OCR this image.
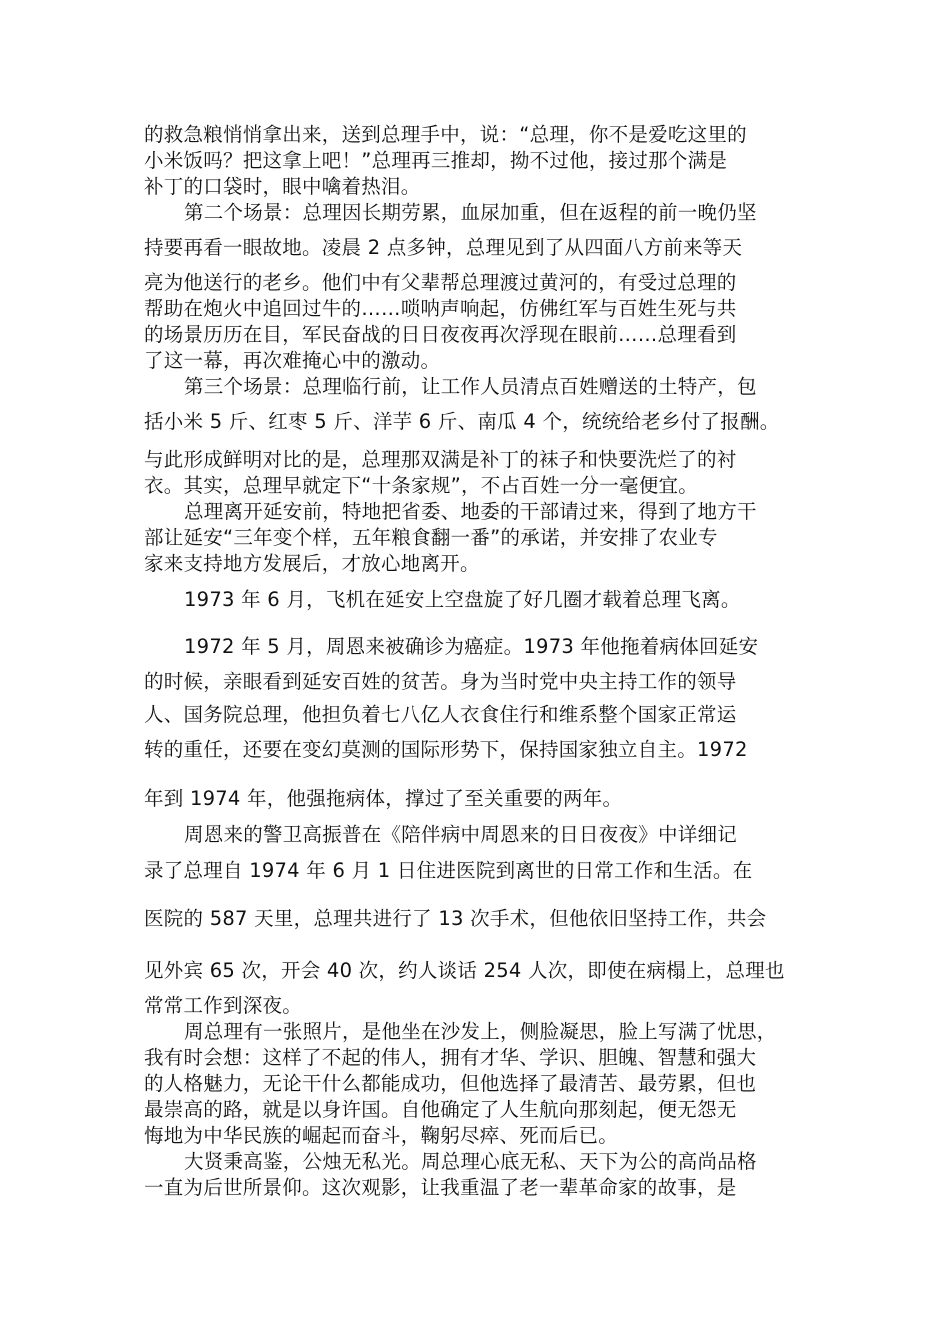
的救急粮悄悄拿出来，送到总理手中，说：“总理，你不是爱吃这里的
小米饭吗？把这拿上吧！”总理再三推却，拗不过他，接过那个满是
补丁的口袋时，眼中噙着热泪。
第二个场景：总理因长期劳累，血尿加重，但在返程的前一晚仍坚
持要再看一眼故地。凌晨 2 点多钟，总理见到了从四面八方前来等天
亮为他送行的老乡。他们中有父辈帮总理渡过黄河的，有受过总理的
帮助在炮火中追回过牛的……唢呐声响起，仿佛红军与百姓生死与共
的场景历历在目，军民奋战的日日夜夜再次浮现在眼前……总理看到
了这一幕，再次难掩心中的激动。
第三个场景：总理临行前，让工作人员清点百姓赠送的土特产，包
括小米 5 斤、红枣 5 斤、洋芋 6 斤、南瓜 4 个，统统给老乡付了报酬。
与此形成鲜明对比的是，总理那双满是补丁的袜子和快要洗烂了的衬
衣。其实，总理早就定下“十条家规”，不占百姓一分一毫便宜。
总理离开延安前，特地把省委、地委的干部请过来，得到了地方干
部让延安“三年变个样，五年粮食翻一番”的承诺，并安排了农业专
家来支持地方发展后，才放心地离开。
1973 年 6 月，飞机在延安上空盘旋了好几圈才载着总理飞离。
1972 年 5 月，周恩来被确诊为癌症。1973 年他拖着病体回延安
的时候，亲眼看到延安百姓的贫苦。身为当时党中央主持工作的领导
人、国务院总理，他担负着七八亿人衣食住行和维系整个国家正常运
转的重任，还要在变幻莫测的国际形势下，保持国家独立自主。1972
年到 1974 年，他强拖病体，撑过了至关重要的两年。
周恩来的警卫高振普在《陪伴病中周恩来的日日夜夜》中详细记
录了总理自 1974 年 6 月 1 日住进医院到离世的日常工作和生活。在
医院的 587 天里，总理共进行了 13 次手术，但他依旧坚持工作，共会
见外宾 65 次，开会 40 次，约人谈话 254 人次，即使在病榻上，总理也
常常工作到深夜。
周总理有一张照片，是他坐在沙发上，侧脸凝思，脸上写满了忧思，
我有时会想：这样了不起的伟人，拥有才华、学识、胆魄、智慧和强大
的人格魅力，无论干什么都能成功，但他选择了最清苦、最劳累，但也
最崇高的路，就是以身许国。自他确定了人生航向那刻起，便无怨无
悔地为中华民族的崛起而奋斗，鞠躬尽瘁、死而后已。
大贤秉高鉴，公烛无私光。周总理心底无私、天下为公的高尚品格
一直为后世所景仰。这次观影，让我重温了老一辈革命家的故事，是
